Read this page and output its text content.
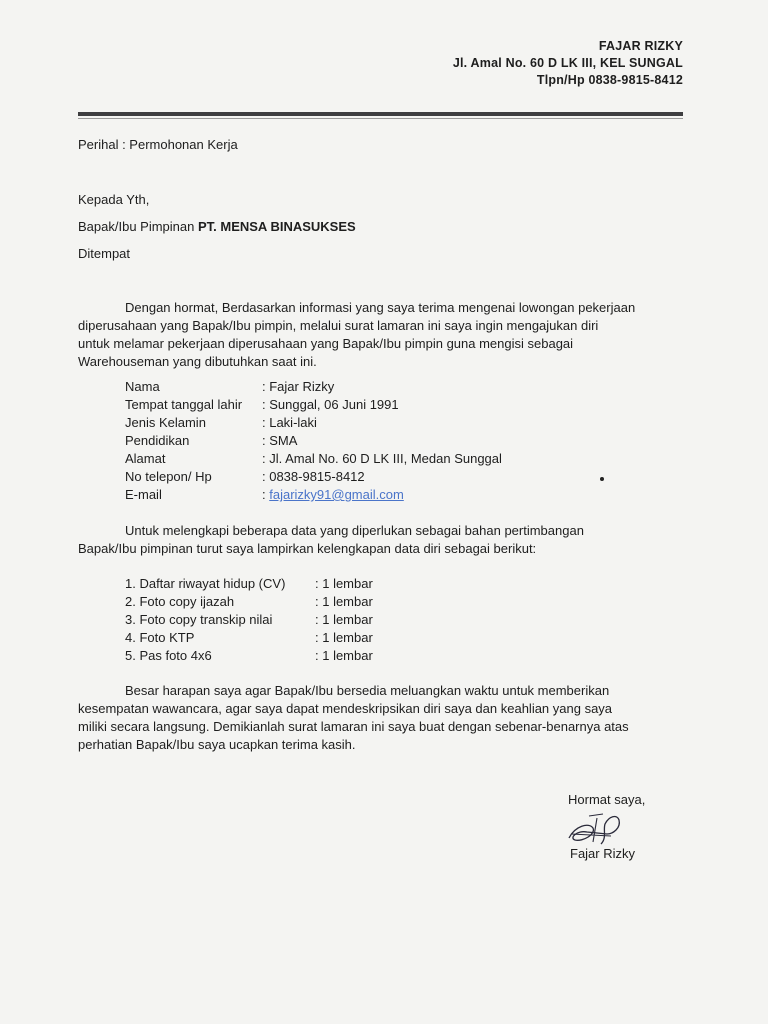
FAJAR RIZKY
Jl. Amal No. 60 D LK III, KEL SUNGAL
Tlpn/Hp 0838-9815-8412
Perihal : Permohonan Kerja
Kepada Yth,
Bapak/Ibu Pimpinan PT. MENSA BINASUKSES
Ditempat
Dengan hormat, Berdasarkan informasi yang saya terima mengenai lowongan pekerjaan
diperusahaan yang Bapak/Ibu pimpin, melalui surat lamaran ini saya ingin mengajukan diri
untuk melamar pekerjaan diperusahaan yang Bapak/Ibu pimpin guna mengisi sebagai
Warehouseman yang dibutuhkan saat ini.
Nama	: Fajar Rizky
Tempat tanggal lahir : Sunggal, 06 Juni 1991
Jenis Kelamin	: Laki-laki
Pendidikan	: SMA
Alamat	: Jl. Amal No. 60 D LK III, Medan Sunggal
No telepon/ Hp	: 0838-9815-8412
E-mail	: fajarizky91@gmail.com
Untuk melengkapi beberapa data yang diperlukan sebagai bahan pertimbangan
Bapak/Ibu pimpinan turut saya lampirkan kelengkapan data diri sebagai berikut:
1. Daftar riwayat hidup (CV) : 1 lembar
2. Foto copy ijazah	: 1 lembar
3. Foto copy transkip nilai	: 1 lembar
4. Foto KTP	: 1 lembar
5. Pas foto 4x6	: 1 lembar
Besar harapan saya agar Bapak/Ibu bersedia meluangkan waktu untuk memberikan
kesempatan wawancara, agar saya dapat mendeskripsikan diri saya dan keahlian yang saya
miliki secara langsung. Demikianlah surat lamaran ini saya buat dengan sebenar-benarnya atas
perhatian Bapak/Ibu saya ucapkan terima kasih.
Hormat saya,
Fajar Rizky
